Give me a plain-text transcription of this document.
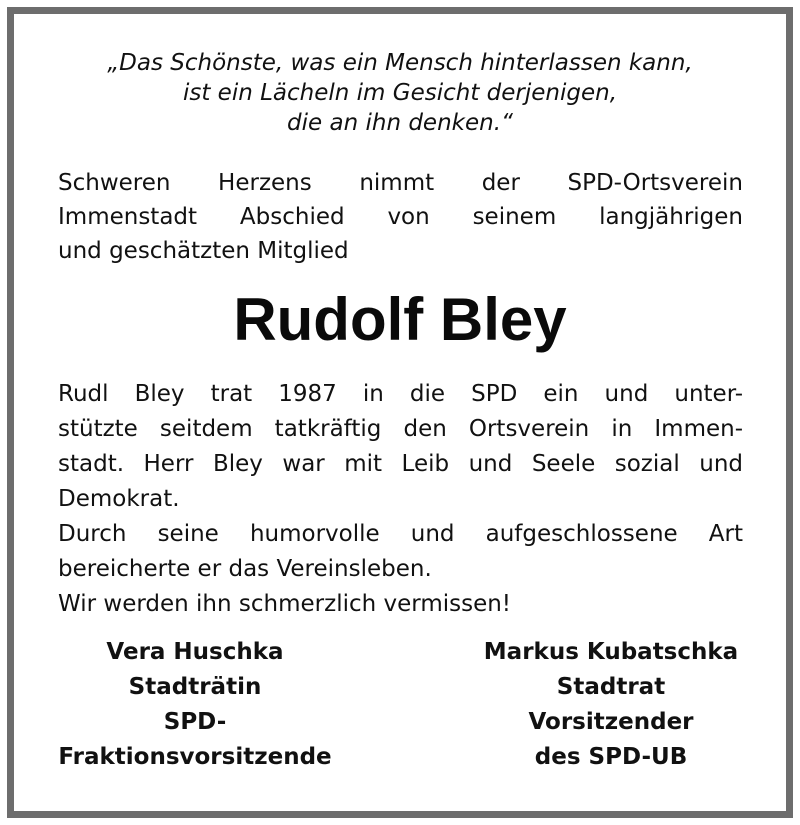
„Das Schönste, was ein Mensch hinterlassen kann,
ist ein Lächeln im Gesicht derjenigen,
die an ihn denken.“

Schweren Herzens nimmt der SPD-Ortsverein
Immenstadt Abschied von seinem langjährigen
und geschätzten Mitglied

Rudolf Bley

Rudl Bley trat 1987 in die SPD ein und unter-
stützte seitdem tatkräftig den Ortsverein in Immen-
stadt. Herr Bley war mit Leib und Seele sozial und
Demokrat.
Durch seine humorvolle und aufgeschlossene Art
bereicherte er das Vereinsleben.
Wir werden ihn schmerzlich vermissen!

Vera Huschka
Stadträtin
SPD-
Fraktionsvorsitzende
Markus Kubatschka
Stadtrat
Vorsitzender
des SPD-UB
